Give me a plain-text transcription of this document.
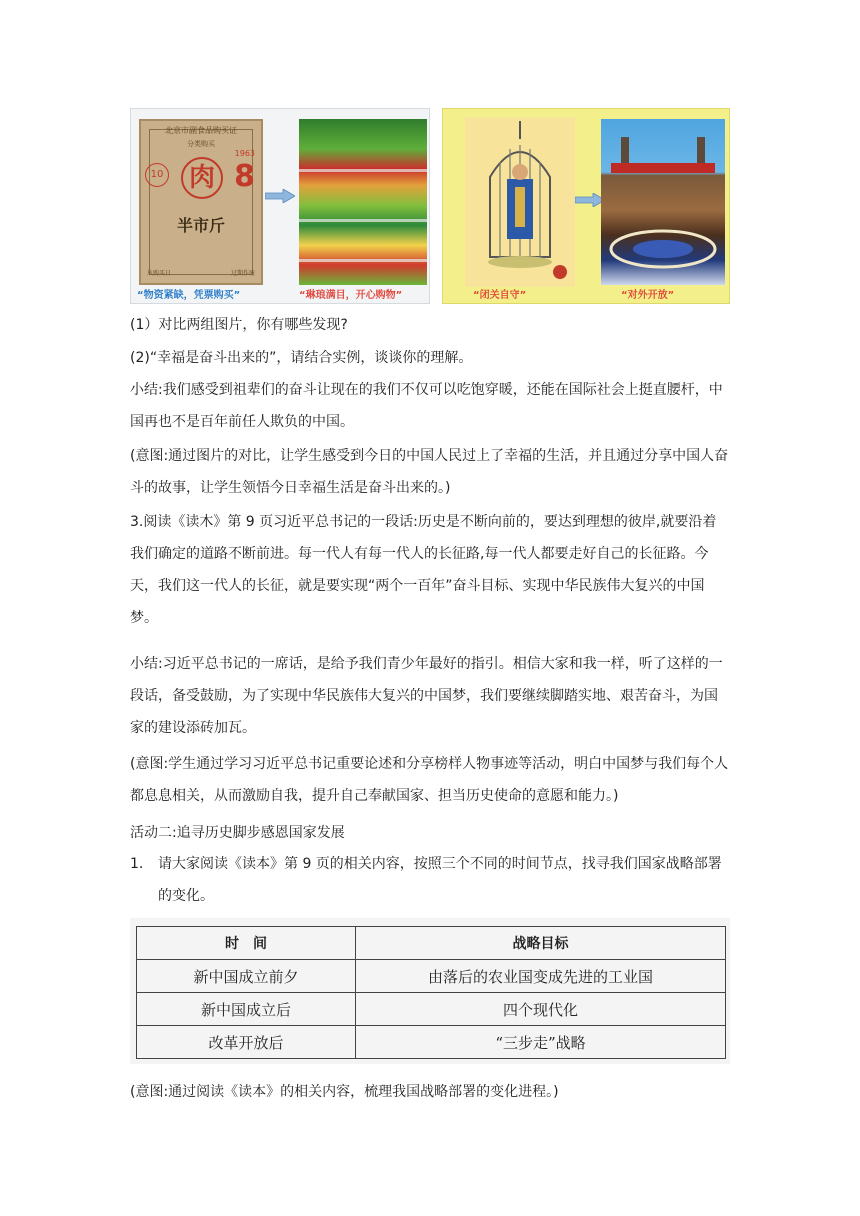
北京市副食品购买证
分类购买
10 肉
1963
8
半市斤
从购买日	过期作废
“物资紧缺，凭票购买”	“琳琅满目，开心购物”	“闭关自守”	“对外开放”
(1）对比两组图片，你有哪些发现?
(2)“幸福是奋斗出来的”，请结合实例，谈谈你的理解。
小结:我们感受到祖辈们的奋斗让现在的我们不仅可以吃饱穿暖，还能在国际社会上挺直腰杆，中国再也不是百年前任人欺负的中国。
(意图:通过图片的对比，让学生感受到今日的中国人民过上了幸福的生活，并且通过分享中国人奋斗的故事，让学生领悟今日幸福生活是奋斗出来的。)
3.阅读《读木》第 9 页习近平总书记的一段话:历史是不断向前的，要达到理想的彼岸,就要沿着我们确定的道路不断前进。每一代人有每一代人的长征路,每一代人都要走好自己的长征路。今天，我们这一代人的长征，就是要实现“两个一百年”奋斗目标、实现中华民族伟大复兴的中国梦。
小结:习近平总书记的一席话，是给予我们青少年最好的指引。相信大家和我一样，听了这样的一段话，备受鼓励，为了实现中华民族伟大复兴的中国梦，我们要继续脚踏实地、艰苦奋斗，为国家的建设添砖加瓦。
(意图:学生通过学习习近平总书记重要论述和分享榜样人物事迹等活动，明白中国梦与我们每个人都息息相关，从而激励自我，提升自己奉献国家、担当历史使命的意愿和能力。)
活动二:追寻历史脚步感恩国家发展
1. 请大家阅读《读本》第 9 页的相关内容，按照三个不同的时间节点，找寻我们国家战略部署的变化。
时　间	战略目标
新中国成立前夕	由落后的农业国变成先进的工业国
新中国成立后	四个现代化
改革开放后	“三步走”战略
(意图:通过阅读《读本》的相关内容，梳理我国战略部署的变化进程。)
